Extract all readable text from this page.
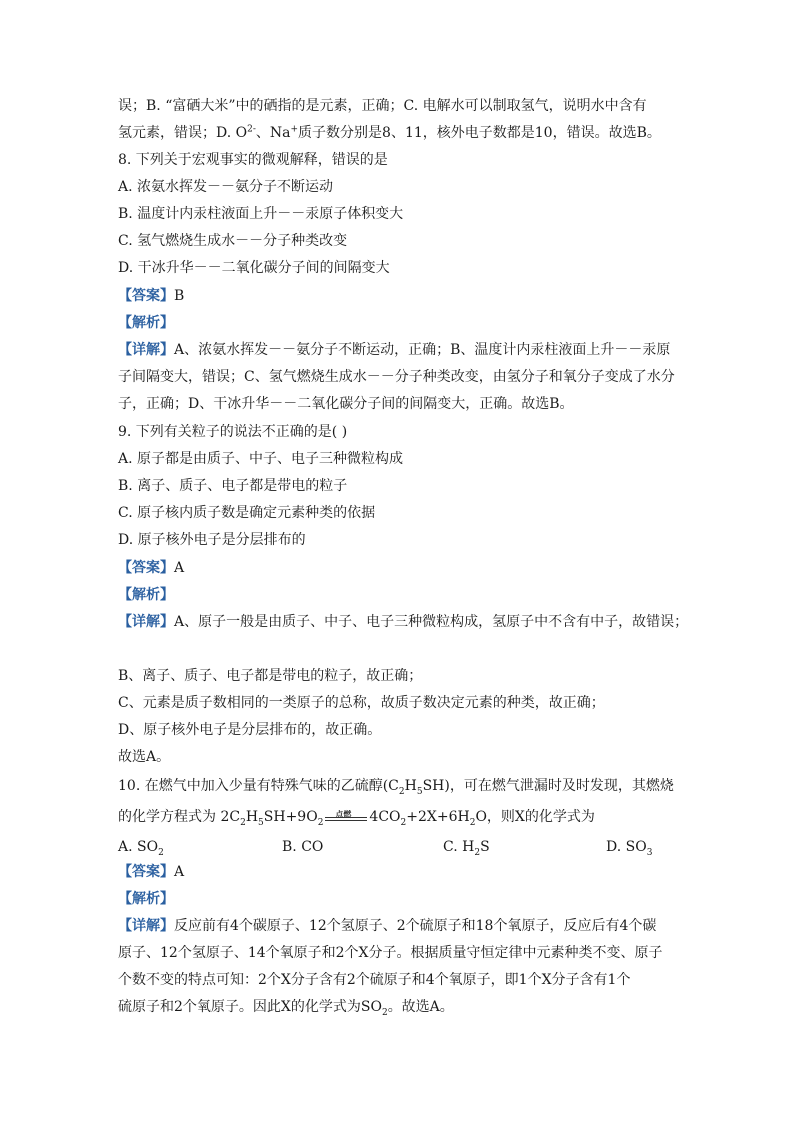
误；B. “富硒大米”中的硒指的是元素，正确；C. 电解水可以制取氢气，说明水中含有
氢元素，错误；D. $O^{2-}$、Na+质子数分别是8、11，核外电子数都是10，错误。故选B。
8. 下列关于宏观事实的微观解释，错误的是
A. 浓氨水挥发－－氨分子不断运动
B. 温度计内汞柱液面上升－－汞原子体积变大
C. 氢气燃烧生成水－－分子种类改变
D. 干冰升华－－二氧化碳分子间的间隔变大
【答案】B
【解析】
【详解】A、浓氨水挥发－－氨分子不断运动，正确；B、温度计内汞柱液面上升－－汞原
子间隔变大，错误；C、氢气燃烧生成水－－分子种类改变，由氢分子和氧分子变成了水分
子，正确；D、干冰升华－－二氧化碳分子间的间隔变大，正确。故选B。
9. 下列有关粒子的说法不正确的是( )
A. 原子都是由质子、中子、电子三种微粒构成
B. 离子、质子、电子都是带电的粒子
C. 原子核内质子数是确定元素种类的依据
D. 原子核外电子是分层排布的
【答案】A
【解析】
【详解】A、原子一般是由质子、中子、电子三种微粒构成，氢原子中不含有中子，故错误；
B、离子、质子、电子都是带电的粒子，故正确；
C、元素是质子数相同的一类原子的总称，故质子数决定元素的种类，故正确；
D、原子核外电子是分层排布的，故正确。
故选A。
10. 在燃气中加入少量有特殊气味的乙硫醇$(C_2H_5SH)$，可在燃气泄漏时及时发现，其燃烧
的化学方程式为 $2C_2H_5SH+9O_2$
点燃 $4CO_2+2X+6H_2O$，则X的化学式为
A. $SO_2$	B. CO	C. $H_2S$	D. $SO_3$
【答案】A
【解析】
【详解】反应前有4个碳原子、12个氢原子、2个硫原子和18个氧原子，反应后有4个碳
原子、12个氢原子、14个氧原子和2个X分子。根据质量守恒定律中元素种类不变、原子
个数不变的特点可知：2个X分子含有2个硫原子和4个氧原子，即1个X分子含有1个
硫原子和2个氧原子。因此X的化学式为$SO_2$。故选A。
